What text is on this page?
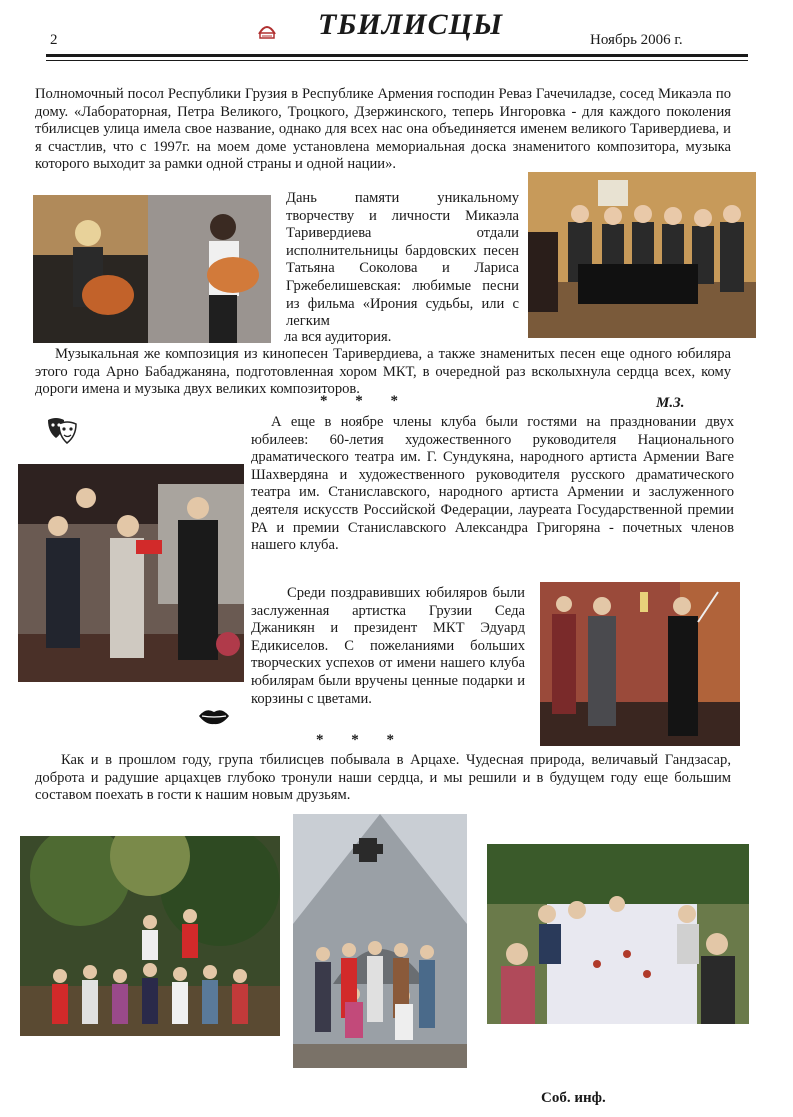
2	ТБИЛИСЦЫ	Ноябрь 2006 г.

Полномочный посол Республики Грузия в Республике Армения господин Реваз Гачечиладзе, сосед Микаэла по дому. «Лабораторная, Петра Великого, Троцкого, Дзержинского, теперь Ингоровка - для каждого поколения тбилисцев улица имела свое название, однако для всех нас она объединяется именем великого Таривердиева, и я счастлив, что с 1997г. на моем доме установлена мемориальная доска знаменитого композитора, музыка которого выходит за рамки одной страны и одной нации».

Дань памяти уникальному творчеству и личности Микаэла Таривердиева отдали исполнительницы бардовских песен Татьяна Соколова и Лариса Гржебелишевская: любимые песни из фильма «Ирония судьбы, или с легким

ла вся аудитория.

Музыкальная же композиция из кинопесен Таривердиева, а также знаменитых песен еще одного юбиляра этого года Арно Бабаджаняна, подготовленная хором МКТ, в очередной раз всколыхнула сердца всех, кому дороги имена и музыка двух великих композиторов.

* * *	М.З.

А еще в ноябре члены клуба были гостями на праздновании двух юбилеев: 60-летия художественного руководителя Национального драматического театра им. Г. Сундукяна, народного артиста Армении Ваге Шахвердяна и художественного руководителя русского драматического театра им. Станиславского, народного артиста Армении и заслуженного деятеля искусств Российской Федерации, лауреата Государственной премии РА и премии Станиславского Александра Григоряна - почетных членов нашего клуба.

Среди поздравивших юбиляров были заслуженная артистка Грузии Седа Джаникян и президент МКТ Эдуард Едикиселов. С пожеланиями больших творческих успехов от имени нашего клуба юбилярам были вручены ценные подарки и корзины с цветами.

* * *

Как и в прошлом году, група тбилисцев побывала в Арцахе. Чудесная природа, величавый Гандзасар, доброта и радушие арцахцев глубоко тронули наши сердца, и мы решили и в будущем году еще большим составом поехать в гости к нашим новым друзьям.

Соб. инф.
